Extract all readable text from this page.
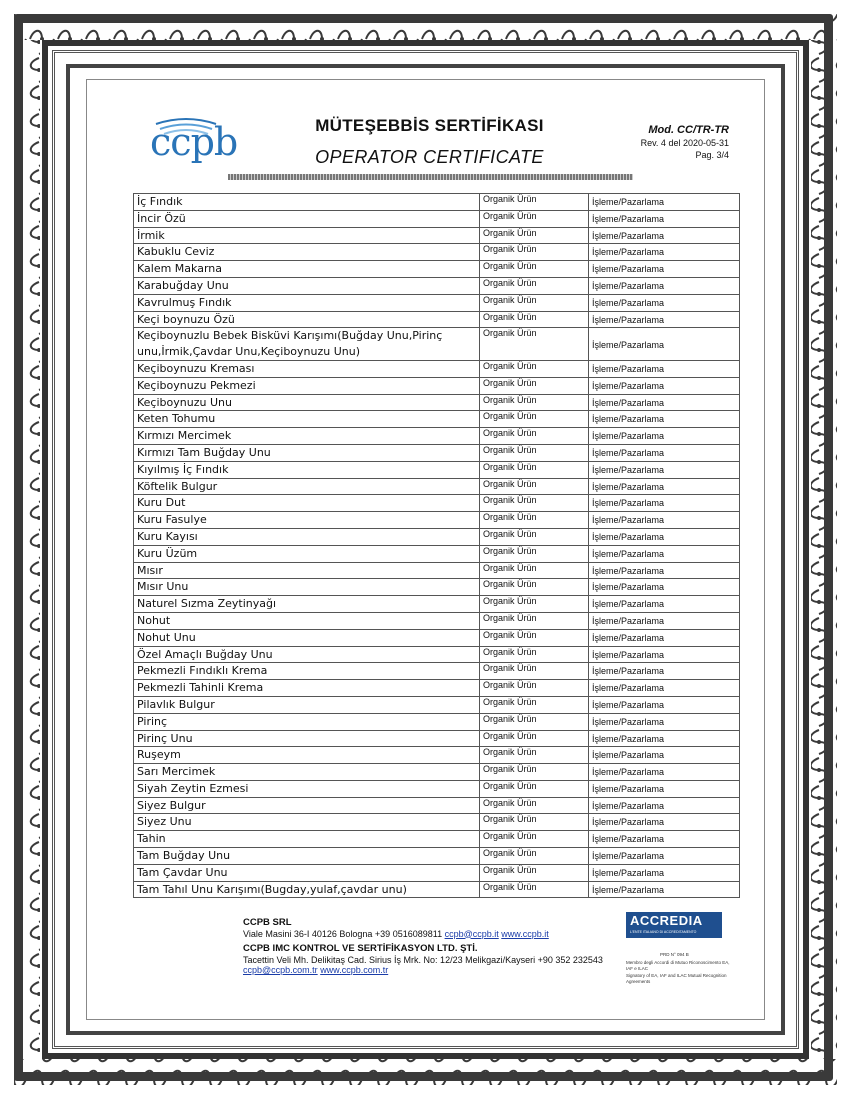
ccpb	MÜTEŞEBBİS SERTİFİKASI
OPERATOR CERTIFICATE
Mod. CC/TR-TR
Rev. 4 del 2020-05-31
Pag. 3/4
İç Fındık	Organik Ürün	İşleme/Pazarlama
İncir Özü	Organik Ürün	İşleme/Pazarlama
İrmik	Organik Ürün	İşleme/Pazarlama
Kabuklu Ceviz	Organik Ürün	İşleme/Pazarlama
Kalem Makarna	Organik Ürün	İşleme/Pazarlama
Karabuğday Unu	Organik Ürün	İşleme/Pazarlama
Kavrulmuş Fındık	Organik Ürün	İşleme/Pazarlama
Keçi boynuzu Özü	Organik Ürün	İşleme/Pazarlama
Keçiboynuzlu Bebek Bisküvi Karışımı(Buğday Unu,Pirinç unu,İrmik,Çavdar Unu,Keçiboynuzu Unu)	Organik Ürün	İşleme/Pazarlama
Keçiboynuzu Kreması	Organik Ürün	İşleme/Pazarlama
Keçiboynuzu Pekmezi	Organik Ürün	İşleme/Pazarlama
Keçiboynuzu Unu	Organik Ürün	İşleme/Pazarlama
Keten Tohumu	Organik Ürün	İşleme/Pazarlama
Kırmızı Mercimek	Organik Ürün	İşleme/Pazarlama
Kırmızı Tam Buğday Unu	Organik Ürün	İşleme/Pazarlama
Kıyılmış İç Fındık	Organik Ürün	İşleme/Pazarlama
Köftelik Bulgur	Organik Ürün	İşleme/Pazarlama
Kuru Dut	Organik Ürün	İşleme/Pazarlama
Kuru Fasulye	Organik Ürün	İşleme/Pazarlama
Kuru Kayısı	Organik Ürün	İşleme/Pazarlama
Kuru Üzüm	Organik Ürün	İşleme/Pazarlama
Mısır	Organik Ürün	İşleme/Pazarlama
Mısır Unu	Organik Ürün	İşleme/Pazarlama
Naturel Sızma Zeytinyağı	Organik Ürün	İşleme/Pazarlama
Nohut	Organik Ürün	İşleme/Pazarlama
Nohut Unu	Organik Ürün	İşleme/Pazarlama
Özel Amaçlı Buğday Unu	Organik Ürün	İşleme/Pazarlama
Pekmezli Fındıklı Krema	Organik Ürün	İşleme/Pazarlama
Pekmezli Tahinli Krema	Organik Ürün	İşleme/Pazarlama
Pilavlık Bulgur	Organik Ürün	İşleme/Pazarlama
Pirinç	Organik Ürün	İşleme/Pazarlama
Pirinç Unu	Organik Ürün	İşleme/Pazarlama
Ruşeym	Organik Ürün	İşleme/Pazarlama
Sarı Mercimek	Organik Ürün	İşleme/Pazarlama
Siyah Zeytin Ezmesi	Organik Ürün	İşleme/Pazarlama
Siyez Bulgur	Organik Ürün	İşleme/Pazarlama
Siyez Unu	Organik Ürün	İşleme/Pazarlama
Tahin	Organik Ürün	İşleme/Pazarlama
Tam Buğday Unu	Organik Ürün	İşleme/Pazarlama
Tam Çavdar Unu	Organik Ürün	İşleme/Pazarlama
Tam Tahıl Unu Karışımı(Bugday,yulaf,çavdar unu)	Organik Ürün	İşleme/Pazarlama
CCPB SRL
Viale Masini 36-I 40126 Bologna +39 0516089811 ccpb@ccpb.it www.ccpb.it
CCPB IMC KONTROL VE SERTİFİKASYON LTD. ŞTİ.
Tacettin Veli Mh. Delikitaş Cad. Sirius İş Mrk. No: 12/23 Melikgazi/Kayseri +90 352 232543
ccpb@ccpb.com.tr www.ccpb.com.tr
ACCREDIA
L'ENTE ITALIANO DI ACCREDITAMENTO
PRD N° 094 B
Membro degli Accordi di Mutuo Riconoscimento EA, IAF e ILAC
Signatory of EA, IAF and ILAC Mutual Recognition Agreements
